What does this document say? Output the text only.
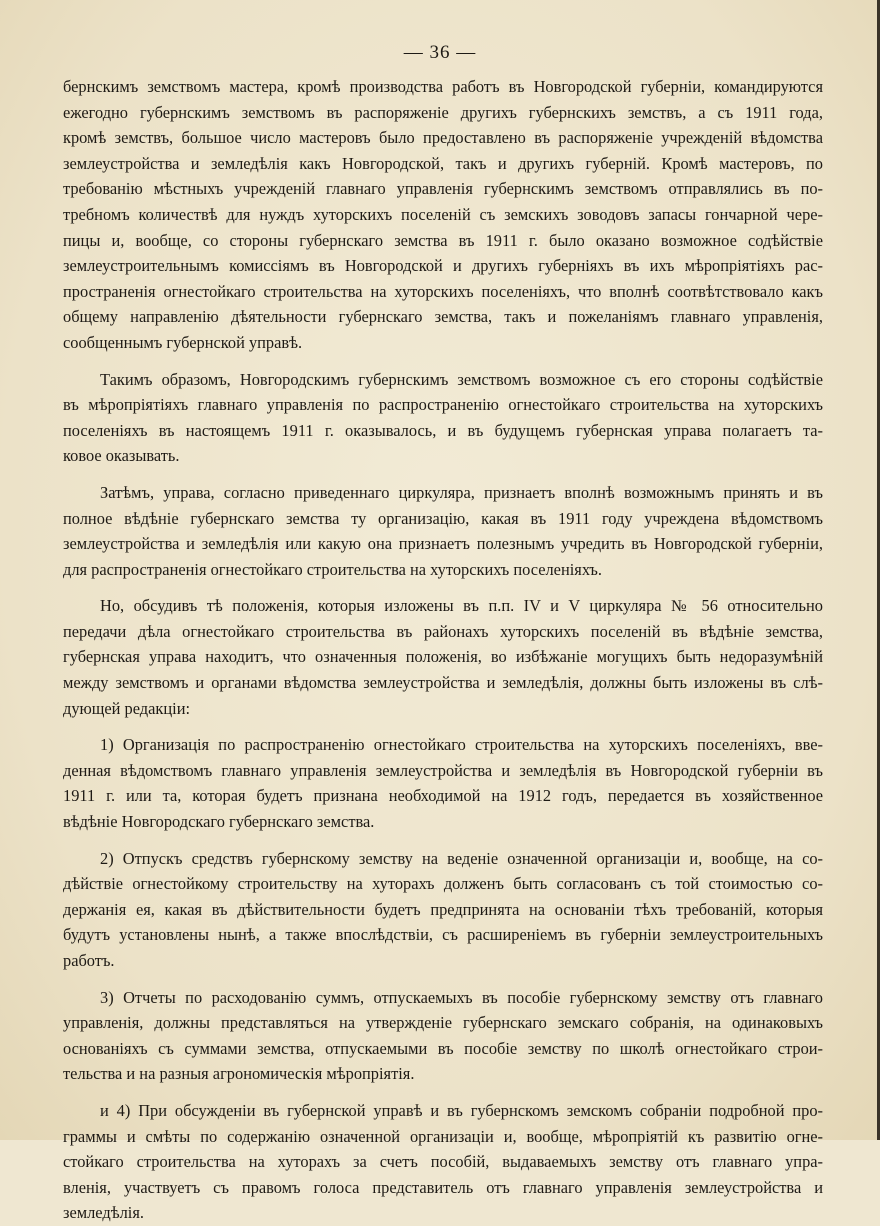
— 36 —
бернскимъ земствомъ мастера, кромѣ производства работъ въ Новгородской губерніи, командируются
ежегодно губернскимъ земствомъ въ распоряженіе другихъ губернскихъ земствъ, а съ 1911 года,
кромѣ земствъ, большое число мастеровъ было предоставлено въ распоряженіе учрежденій вѣдомства
землеустройства и земледѣлія какъ Новгородской, такъ и другихъ губерній. Кромѣ мастеровъ, по
требованію мѣстныхъ учрежденій главнаго управленія губернскимъ земствомъ отправлялись въ по-
требномъ количествѣ для нуждъ хуторскихъ поселеній съ земскихъ зоводовъ запасы гончарной чере-
пицы и, вообще, со стороны губернскаго земства въ 1911 г. было оказано возможное содѣйствіе
землеустроительнымъ комиссіямъ въ Новгородской и другихъ губерніяхъ въ ихъ мѣропріятіяхъ рас-
пространенія огнестойкаго строительства на хуторскихъ поселеніяхъ, что вполнѣ соотвѣтствовало какъ
общему направленію дѣятельности губернскаго земства, такъ и пожеланіямъ главнаго управленія,
сообщеннымъ губернской управѣ.
Такимъ образомъ, Новгородскимъ губернскимъ земствомъ возможное съ его стороны содѣйствіе
въ мѣропріятіяхъ главнаго управленія по распространенію огнестойкаго строительства на хуторскихъ
поселеніяхъ въ настоящемъ 1911 г. оказывалось, и въ будущемъ губернская управа полагаетъ та-
ковое оказывать.
Затѣмъ, управа, согласно приведеннаго циркуляра, признаетъ вполнѣ возможнымъ принять и въ
полное вѣдѣніе губернскаго земства ту организацію, какая въ 1911 году учреждена вѣдомствомъ
землеустройства и земледѣлія или какую она признаетъ полезнымъ учредить въ Новгородской губерніи,
для распространенія огнестойкаго строительства на хуторскихъ поселеніяхъ.
Но, обсудивъ тѣ положенія, которыя изложены въ п.п. IV и V циркуляра № 56 относительно
передачи дѣла огнестойкаго строительства въ районахъ хуторскихъ поселеній въ вѣдѣніе земства,
губернская управа находитъ, что означенныя положенія, во избѣжаніе могущихъ быть недоразумѣній
между земствомъ и органами вѣдомства землеустройства и земледѣлія, должны быть изложены въ слѣ-
дующей редакціи:
1) Организація по распространенію огнестойкаго строительства на хуторскихъ поселеніяхъ, вве-
денная вѣдомствомъ главнаго управленія землеустройства и земледѣлія въ Новгородской губерніи въ
1911 г. или та, которая будетъ признана необходимой на 1912 годъ, передается въ хозяйственное
вѣдѣніе Новгородскаго губернскаго земства.
2) Отпускъ средствъ губернскому земству на веденіе означенной организаціи и, вообще, на со-
дѣйствіе огнестойкому строительству на хуторахъ долженъ быть согласованъ съ той стоимостью со-
держанія ея, какая въ дѣйствительности будетъ предпринята на основаніи тѣхъ требованій, которыя
будутъ установлены нынѣ, а также впослѣдствіи, съ расширеніемъ въ губерніи землеустроительныхъ
работъ.
3) Отчеты по расходованію суммъ, отпускаемыхъ въ пособіе губернскому земству отъ главнаго
управленія, должны представляться на утвержденіе губернскаго земскаго собранія, на одинаковыхъ
основаніяхъ съ суммами земства, отпускаемыми въ пособіе земству по школѣ огнестойкаго строи-
тельства и на разныя агрономическія мѣропріятія.
и 4) При обсужденіи въ губернской управѣ и въ губернскомъ земскомъ собраніи подробной про-
граммы и смѣты по содержанію означенной организаціи и, вообще, мѣропріятій къ развитію огне-
стойкаго строительства на хуторахъ за счетъ пособій, выдаваемыхъ земству отъ главнаго упра-
вленія, участвуетъ съ правомъ голоса представитель отъ главнаго управленія землеустройства и
земледѣлія.
